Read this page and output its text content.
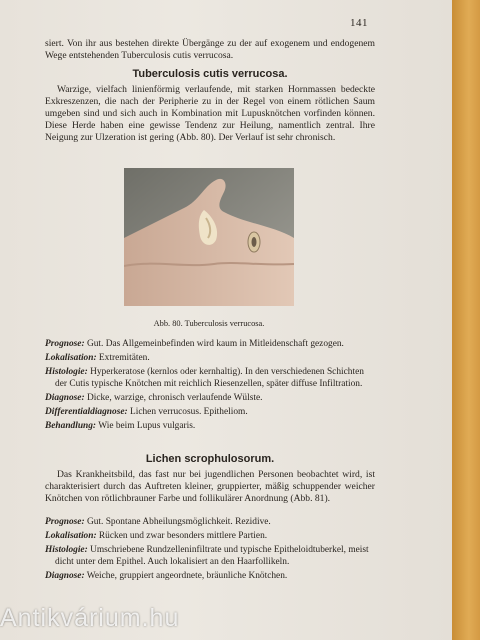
141
siert. Von ihr aus bestehen direkte Übergänge zu der auf exogenem und endogenem Wege entstehenden Tuberculosis cutis verrucosa.
Tuberculosis cutis verrucosa.
Warzige, vielfach linienförmig verlaufende, mit starken Hornmassen bedeckte Exkreszenzen, die nach der Peripherie zu in der Regel von einem rötlichen Saum umgeben sind und sich auch in Kombination mit Lupusknötchen vorfinden können. Diese Herde haben eine gewisse Tendenz zur Heilung, namentlich zentral. Ihre Neigung zur Ulzeration ist gering (Abb. 80). Der Verlauf ist sehr chronisch.
Abb. 80. Tuberculosis verrucosa.
Prognose: Gut. Das Allgemeinbefinden wird kaum in Mitleidenschaft gezogen.
Lokalisation: Extremitäten.
Histologie: Hyperkeratose (kernlos oder kernhaltig). In den verschiedenen Schichten der Cutis typische Knötchen mit reichlich Riesenzellen, später diffuse Infiltration.
Diagnose: Dicke, warzige, chronisch verlaufende Wülste.
Differentialdiagnose: Lichen verrucosus. Epitheliom.
Behandlung: Wie beim Lupus vulgaris.
Lichen scrophulosorum.
Das Krankheitsbild, das fast nur bei jugendlichen Personen beobachtet wird, ist charakterisiert durch das Auftreten kleiner, gruppierter, mäßig schuppender weicher Knötchen von rötlichbrauner Farbe und follikulärer Anordnung (Abb. 81).
Prognose: Gut. Spontane Abheilungsmöglichkeit. Rezidive.
Lokalisation: Rücken und zwar besonders mittlere Partien.
Histologie: Umschriebene Rundzelleninfiltrate und typische Epitheloidtuberkel, meist dicht unter dem Epithel. Auch lokalisiert an den Haarfollikeln.
Diagnose: Weiche, gruppiert angeordnete, bräunliche Knötchen.
Antikvárium.hu
